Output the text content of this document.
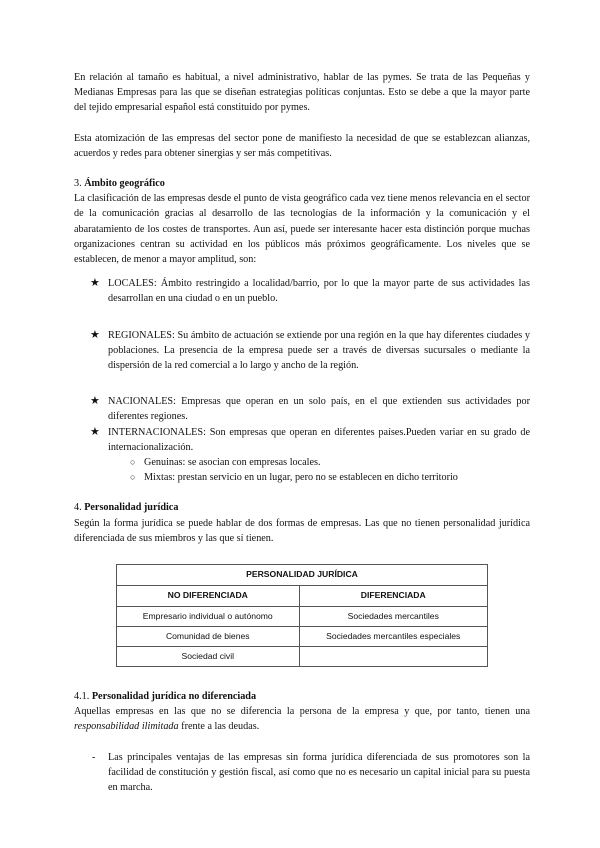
En relación al tamaño es habitual, a nivel administrativo, hablar de las pymes. Se trata de las Pequeñas y Medianas Empresas para las que se diseñan estrategias políticas conjuntas. Esto se debe a que la mayor parte del tejido empresarial español está constituido por pymes.

Esta atomización de las empresas del sector pone de manifiesto la necesidad de que se establezcan alianzas, acuerdos y redes para obtener sinergias y ser más competitivas.

3. Ámbito geográfico

La clasificación de las empresas desde el punto de vista geográfico cada vez tiene menos relevancia en el sector de la comunicación gracias al desarrollo de las tecnologías de la información y la comunicación y el abaratamiento de los costes de transportes. Aun así, puede ser interesante hacer esta distinción porque muchas organizaciones centran su actividad en los públicos más próximos geográficamente. Los niveles que se establecen, de menor a mayor amplitud, son:

★ LOCALES: Ámbito restringido a localidad/barrio, por lo que la mayor parte de sus actividades las desarrollan en una ciudad o en un pueblo.
★ REGIONALES: Su ámbito de actuación se extiende por una región en la que hay diferentes ciudades y poblaciones. La presencia de la empresa puede ser a través de diversas sucursales o mediante la dispersión de la red comercial a lo largo y ancho de la región.
★ NACIONALES: Empresas que operan en un solo país, en el que extienden sus actividades por diferentes regiones.
★ INTERNACIONALES: Son empresas que operan en diferentes países.Pueden variar en su grado de internacionalización.
○ Genuinas: se asocian con empresas locales.
○ Mixtas: prestan servicio en un lugar, pero no se establecen en dicho territorio

4. Personalidad jurídica

Según la forma jurídica se puede hablar de dos formas de empresas. Las que no tienen personalidad jurídica diferenciada de sus miembros y las que sí tienen.

PERSONALIDAD JURÍDICA	
NO DIFERENCIADA	DIFERENCIADA
Empresario individual o autónomo	Sociedades mercantiles
Comunidad de bienes	Sociedades mercantiles especiales
Sociedad civil	

4.1. Personalidad jurídica no diferenciada

Aquellas empresas en las que no se diferencia la persona de la empresa y que, por tanto, tienen una responsabilidad ilimitada frente a las deudas.

- Las principales ventajas de las empresas sin forma jurídica diferenciada de sus promotores son la facilidad de constitución y gestión fiscal, así como que no es necesario un capital inicial para su puesta en marcha.
